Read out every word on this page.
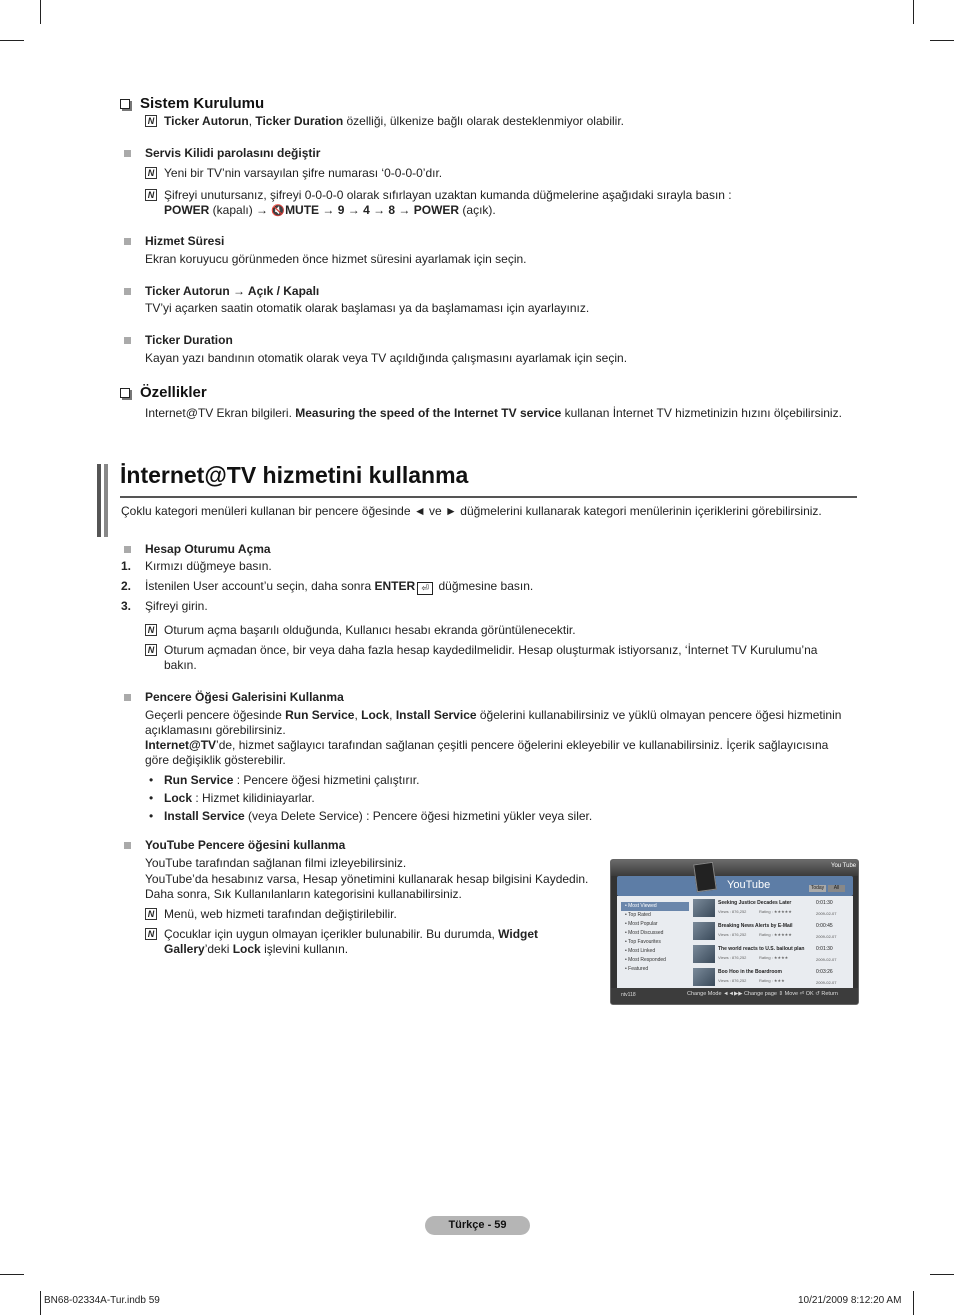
Sistem Kurulumu
N Ticker Autorun, Ticker Duration özelliği, ülkenize bağlı olarak desteklenmiyor olabilir.
Servis Kilidi parolasını değiştir
N Yeni bir TV’nin varsayılan şifre numarası ‘0-0-0-0’dır.
N Şifreyi unutursanız, şifreyi 0-0-0-0 olarak sıfırlayan uzaktan kumanda düğmelerine aşağıdaki sırayla basın :
POWER (kapalı) → 🔇MUTE → 9 → 4 → 8 → POWER (açık).
Hizmet Süresi
Ekran koruyucu görünmeden önce hizmet süresini ayarlamak için seçin.
Ticker Autorun → Açık / Kapalı
TV’yi açarken saatin otomatik olarak başlaması ya da başlamaması için ayarlayınız.
Ticker Duration
Kayan yazı bandının otomatik olarak veya TV açıldığında çalışmasını ayarlamak için seçin.
Özellikler
Internet@TV Ekran bilgileri. Measuring the speed of the Internet TV service kullanan İnternet TV hizmetinizin hızını ölçebilirsiniz.
İnternet@TV hizmetini kullanma
Çoklu kategori menüleri kullanan bir pencere öğesinde ◄ ve ► düğmelerini kullanarak kategori menülerinin içeriklerini görebilirsiniz.
Hesap Oturumu Açma
1. Kırmızı düğmeye basın.
2. İstenilen User account’u seçin, daha sonra ENTER ⏎ düğmesine basın.
3. Şifreyi girin.
N Oturum açma başarılı olduğunda, Kullanıcı hesabı ekranda görüntülenecektir.
N Oturum açmadan önce, bir veya daha fazla hesap kaydedilmelidir. Hesap oluşturmak istiyorsanız, ‘İnternet TV Kurulumu’na
bakın.
Pencere Öğesi Galerisini Kullanma
Geçerli pencere öğesinde Run Service, Lock, Install Service öğelerini kullanabilirsiniz ve yüklü olmayan pencere öğesi hizmetinin
açıklamasını görebilirsiniz.
Internet@TV’de, hizmet sağlayıcı tarafından sağlanan çeşitli pencere öğelerini ekleyebilir ve kullanabilirsiniz. İçerik sağlayıcısına
göre değişiklik gösterebilir.
• Run Service : Pencere öğesi hizmetini çalıştırır.
• Lock : Hizmet kilidiniayarlar.
• Install Service (veya Delete Service) : Pencere öğesi hizmetini yükler veya siler.
YouTube Pencere öğesini kullanma
YouTube tarafından sağlanan filmi izleyebilirsiniz.
YouTube’da hesabınız varsa, Hesap yönetimini kullanarak hesap bilgisini Kaydedin.
Daha sonra, Sık Kullanılanların kategorisini kullanabilirsiniz.
N Menü, web hizmeti tarafından değiştirilebilir.
N Çocuklar için uygun olmayan içerikler bulunabilir. Bu durumda, Widget
Gallery’deki Lock işlevini kullanın.
You Tube
YouTube	Today	All
• Most Viewed
• Top Rated
• Most Popular
• Most Discussed
• Top Favourites
• Most Linked
• Most Responded
• Featured
Seeking Justice Decades Later	0:01:30
Views : 876,252	Rating : ★★★★★	2009-02-07
Breaking News Alerts by E-Mail	0:00:45
Views : 876,252	Rating : ★★★★★	2009-02-07
The world reacts to U.S. bailout plan 0:01:30
Views : 876,252	Rating : ★★★★	2009-02-07
Boo Hoo in the Boardroom	0:03:26
Views : 876,252	Rating : ★★★	2009-02-07
ntv118	Change Mode ◄◄▶▶ Change page ⇕ Move ⏎ OK ↺ Return
Türkçe - 59
BN68-02334A-Tur.indb 59	10/21/2009 8:12:20 AM
